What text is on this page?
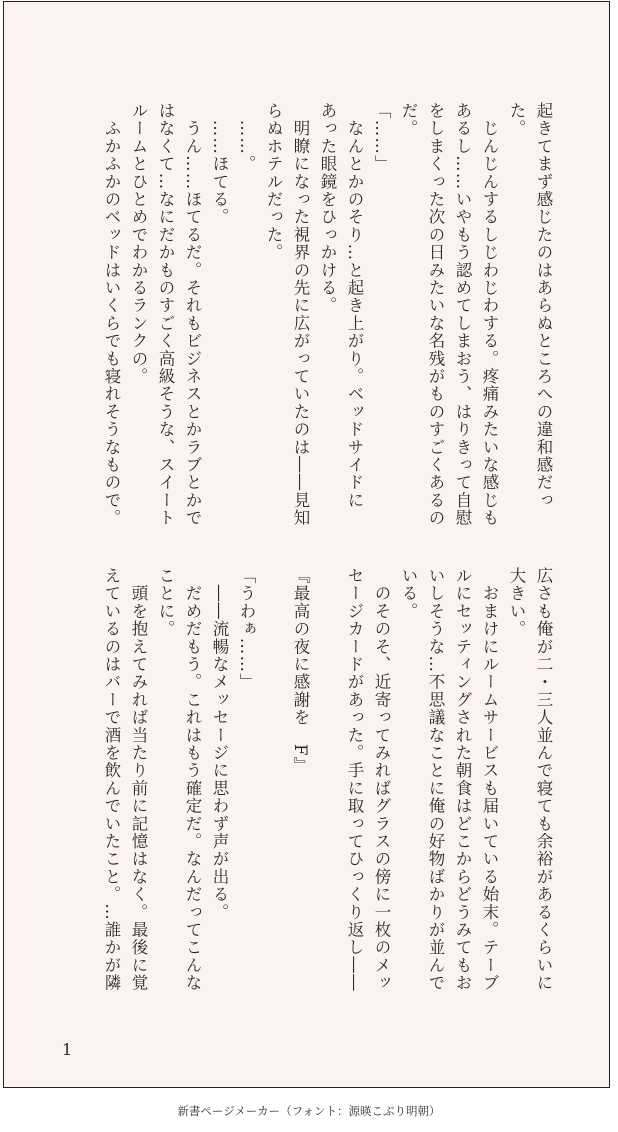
起きてまず感じたのはあらぬところへの違和感だっ

た。

　じんじんするしじわじわする。疼痛みたいな感じも

あるし……いやもう認めてしまおう、はりきって自慰

をしまくった次の日みたいな名残がものすごくあるの

だ。

「……」

　なんとかのそり…と起き上がり。ベッドサイドに

あった眼鏡をひっかける。

　明瞭になった視界の先に広がっていたのは――見知

らぬホテルだった。

　……。

　……ほてる。

　うん……ほてるだ。それもビジネスとかラブとかで

はなくて…なにだかものすごく高級そうな、スイート

ルームとひとめでわかるランクの。

　ふかふかのベッドはいくらでも寝れそうなもので。

広さも俺が二・三人並んで寝ても余裕があるくらいに

大きい。

　おまけにルームサービスも届いている始末。テーブ

ルにセッティングされた朝食はどこからどうみてもお

いしそうな…不思議なことに俺の好物ばかりが並んで

いる。

　のそのそ、近寄ってみればグラスの傍に一枚のメッ

セージカードがあった。手に取ってひっくり返し――

『最高の夜に感謝を　F』

「うわぁ……」

　――流暢なメッセージに思わず声が出る。

　だめだもう。これはもう確定だ。なんだってこんな

ことに。

　頭を抱えてみれば当たり前に記憶はなく。最後に覚

えているのはバーで酒を飲んでいたこと。…誰かが隣

1
新書ページメーカー（フォント：源暎こぶり明朝）
